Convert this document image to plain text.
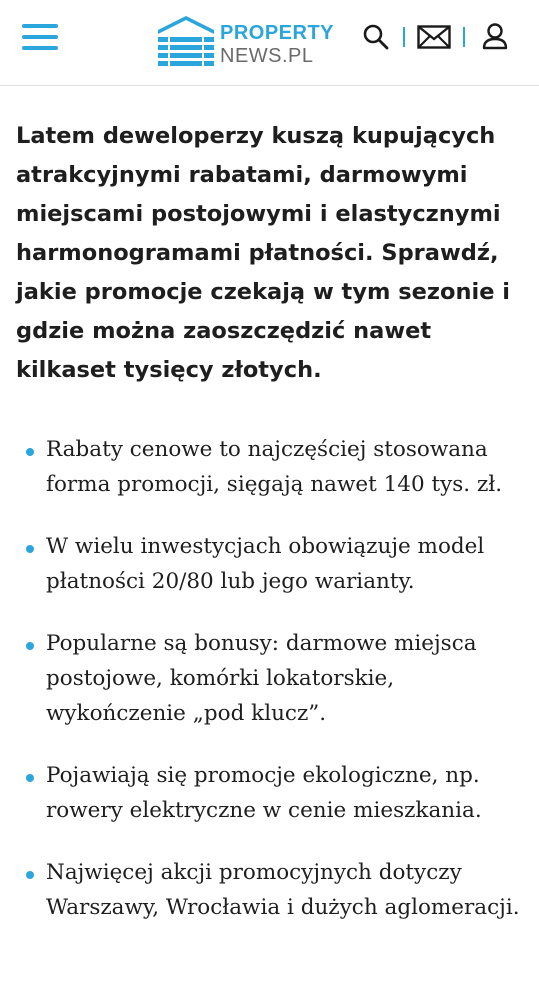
PROPERTY
NEWS.PL

Latem deweloperzy kuszą kupujących atrakcyjnymi rabatami, darmowymi miejscami postojowymi i elastycznymi harmonogramami płatności. Sprawdź, jakie promocje czekają w tym sezonie i gdzie można zaoszczędzić nawet kilkaset tysięcy złotych.

Rabaty cenowe to najczęściej stosowana forma promocji, sięgają nawet 140 tys. zł.
W wielu inwestycjach obowiązuje model płatności 20/80 lub jego warianty.
Popularne są bonusy: darmowe miejsca postojowe, komórki lokatorskie, wykończenie „pod klucz”.
Pojawiają się promocje ekologiczne, np. rowery elektryczne w cenie mieszkania.
Najwięcej akcji promocyjnych dotyczy Warszawy, Wrocławia i dużych aglomeracji.
